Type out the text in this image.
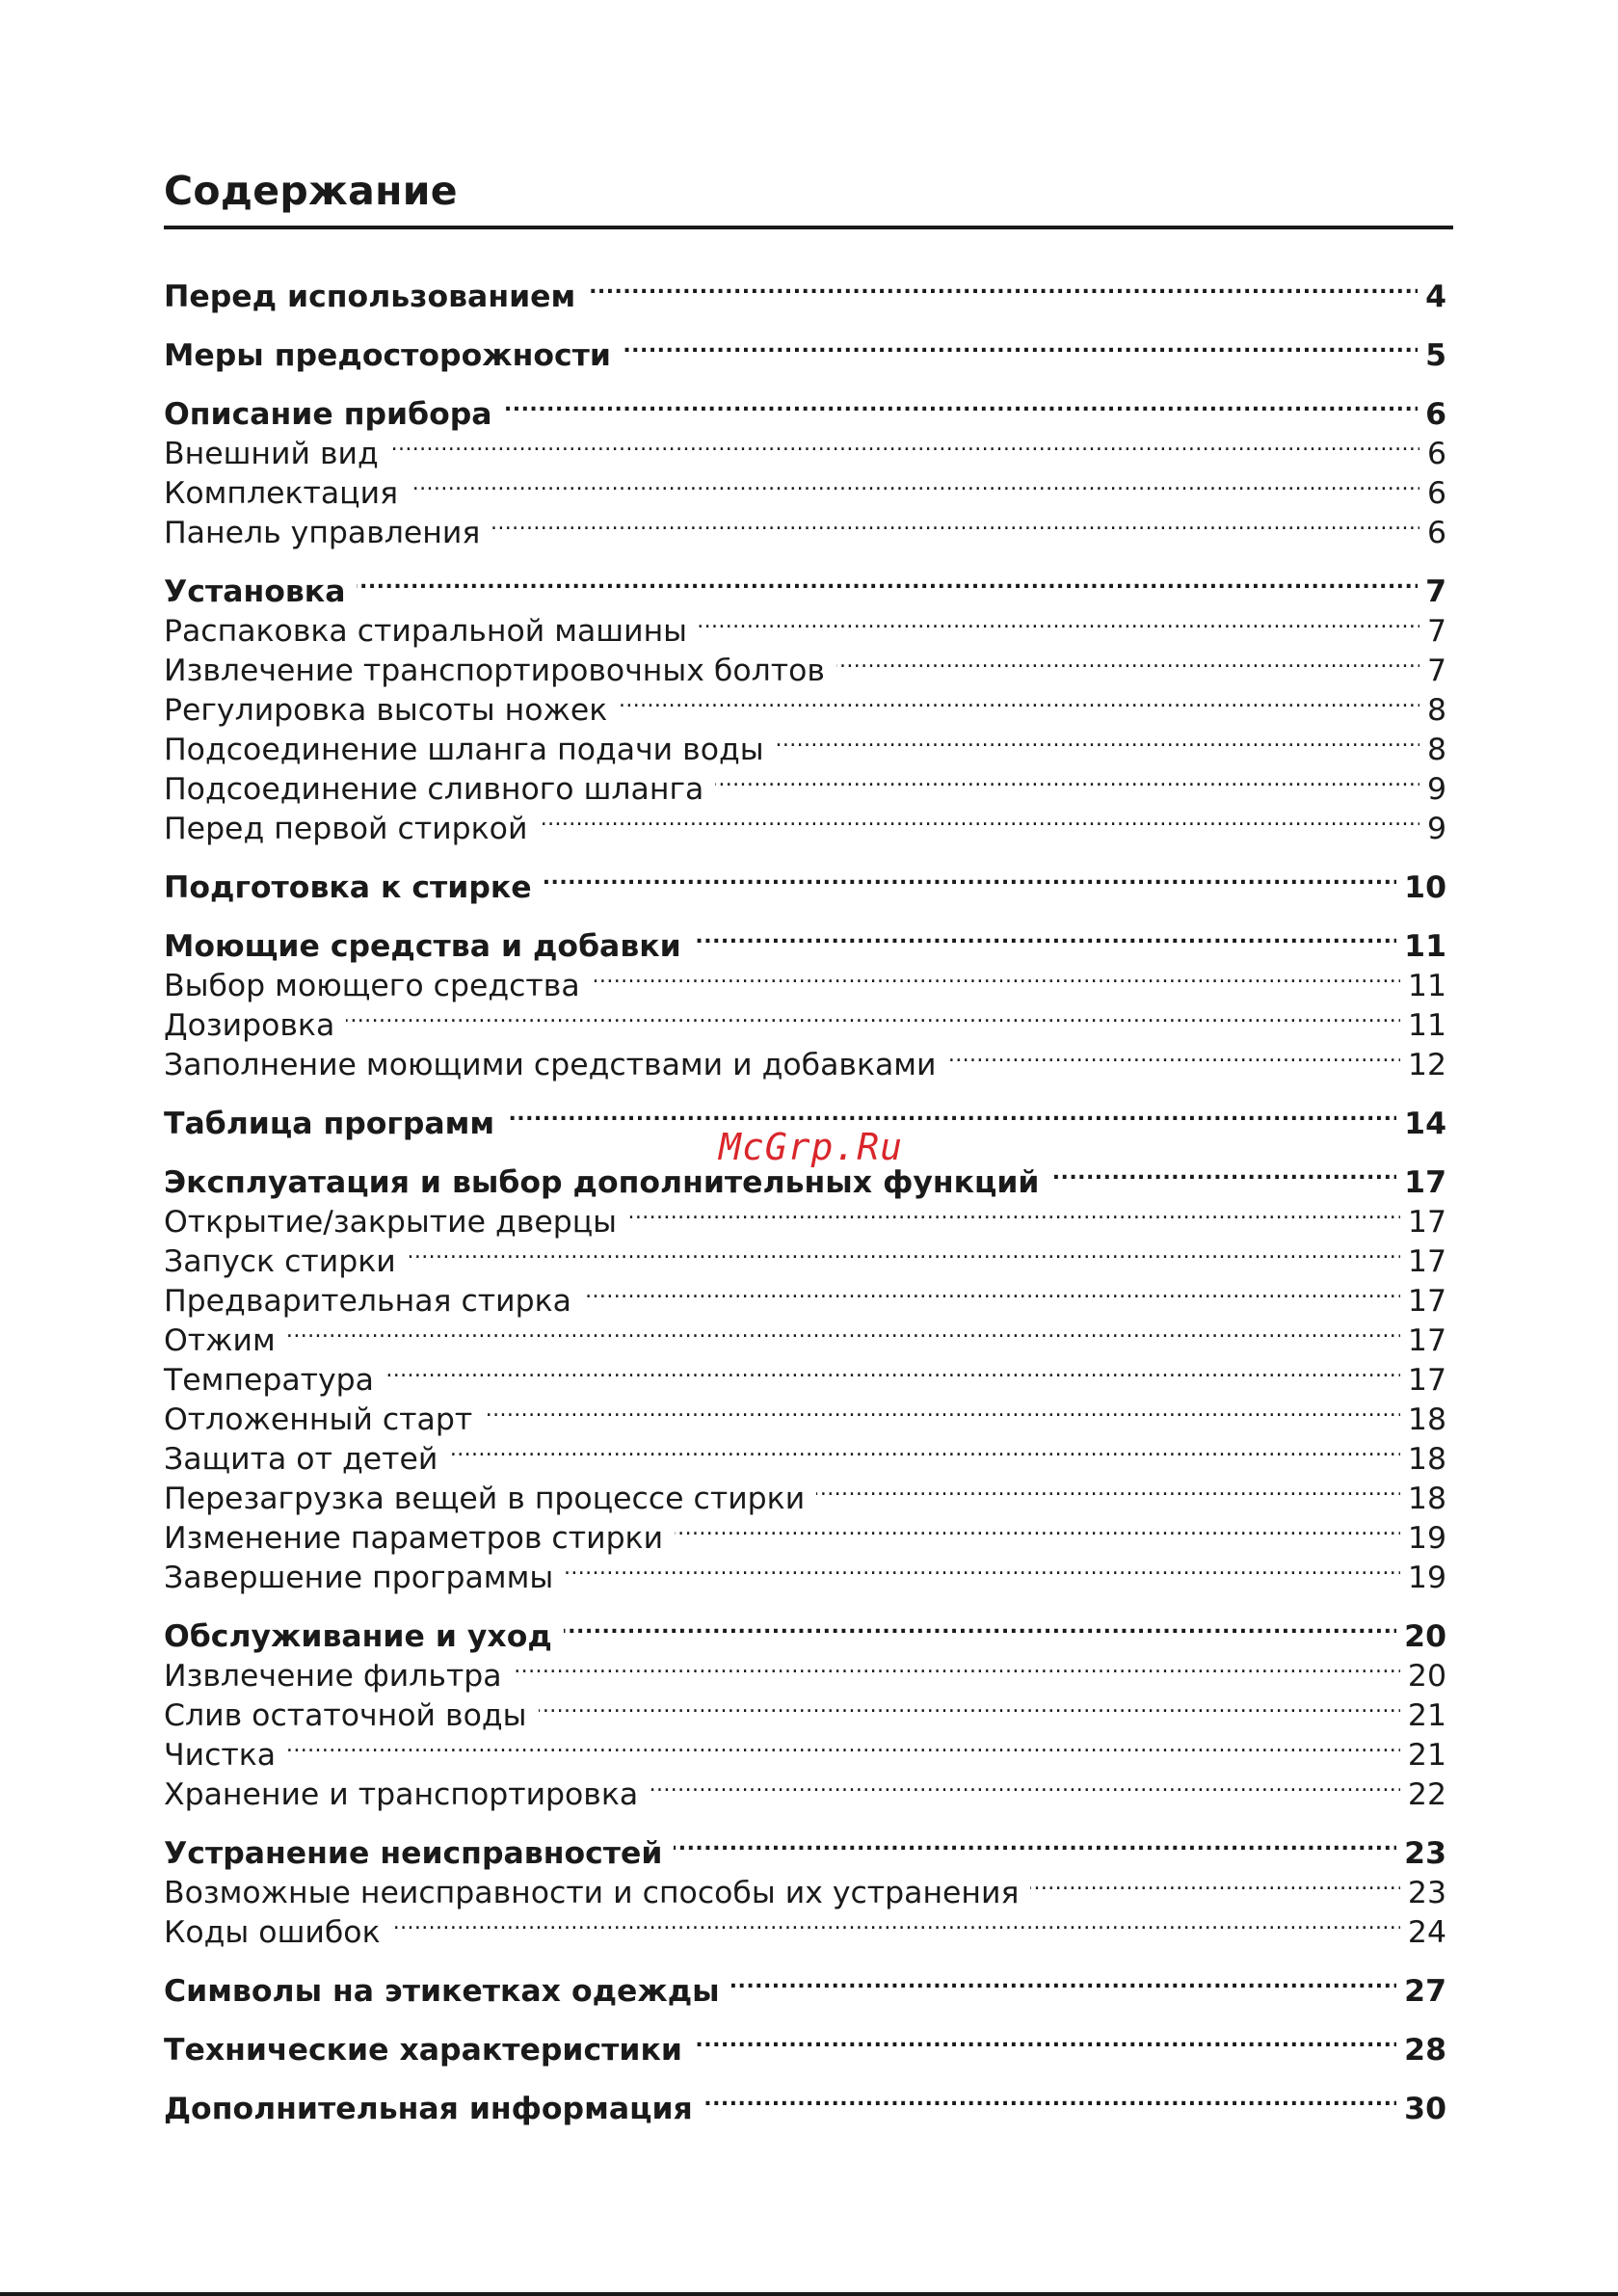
Содержание
Перед использованием . . .	4
Меры предосторожности . . .	5
Описание прибора . . .	6
Внешний вид . . .	6
Комплектация . . .	6
Панель управления . . .	6
Установка . . .	7
Распаковка стиральной машины . . .	7
Извлечение транспортировочных болтов . . .	7
Регулировка высоты ножек . . .	8
Подсоединение шланга подачи воды . . .	8
Подсоединение сливного шланга . . .	9
Перед первой стиркой . . .	9
Подготовка к стирке . . .	10
Моющие средства и добавки . . .	11
Выбор моющего средства . . .	11
Дозировка . . .	11
Заполнение моющими средствами и добавками . . .	12
Таблица программ . . .	14
Эксплуатация и выбор дополнительных функций . . .	17
Открытие/закрытие дверцы . . .	17
Запуск стирки . . .	17
Предварительная стирка . . .	17
Отжим . . .	17
Температура . . .	17
Отложенный старт . . .	18
Защита от детей . . .	18
Перезагрузка вещей в процессе стирки . . .	18
Изменение параметров стирки . . .	19
Завершение программы . . .	19
Обслуживание и уход . . .	20
Извлечение фильтра . . .	20
Слив остаточной воды . . .	21
Чистка . . .	21
Хранение и транспортировка . . .	22
Устранение неисправностей . . .	23
Возможные неисправности и способы их устранения . . .	23
Коды ошибок . . .	24
Символы на этикетках одежды . . .	27
Технические характеристики . . .	28
Дополнительная информация . . .	30
McGrp.Ru
